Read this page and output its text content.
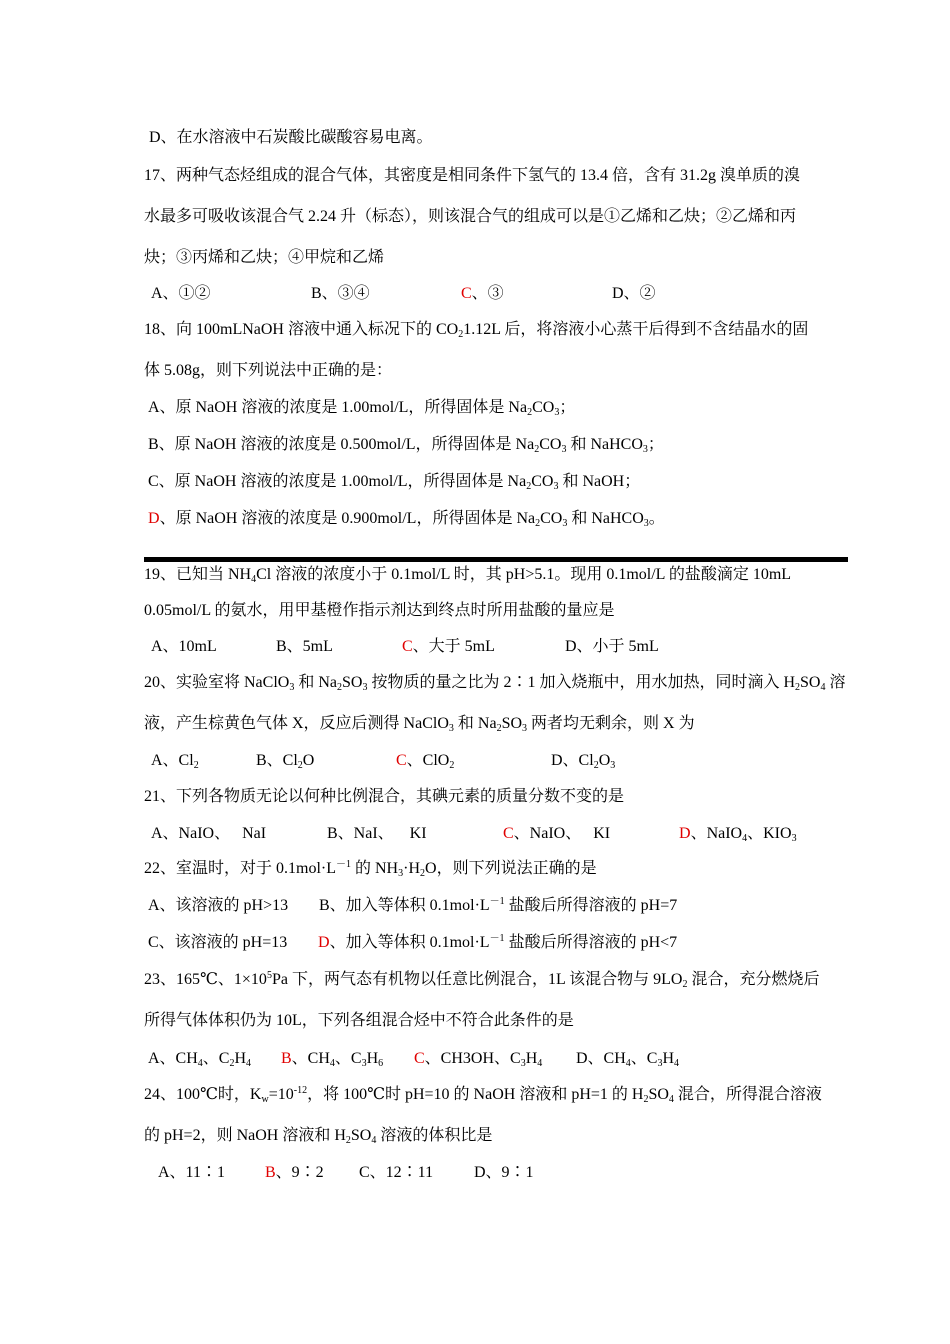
D、在水溶液中石炭酸比碳酸容易电离。
17、两种气态烃组成的混合气体，其密度是相同条件下氢气的 13.4 倍，含有 31.2g 溴单质的溴
水最多可吸收该混合气 2.24 升（标态），则该混合气的组成可以是①乙烯和乙炔；②乙烯和丙
炔；③丙烯和乙炔；④甲烷和乙烯
A、①②	B、③④	C、③	D、②
18、向 100mLNaOH 溶液中通入标况下的 $CO_21.12L$ 后，将溶液小心蒸干后得到不含结晶水的固
体 5.08g，则下列说法中正确的是：
A、原 NaOH 溶液的浓度是 1.00mol/L，所得固体是 $Na_2CO_3$；
B、原 NaOH 溶液的浓度是 0.500mol/L，所得固体是 $Na_2CO_3$ 和 NaHCO$_3$；
C、原 NaOH 溶液的浓度是 1.00mol/L，所得固体是 $Na_2CO_3$ 和 NaOH；
D、原 NaOH 溶液的浓度是 0.900mol/L，所得固体是 $Na_2CO_3$ 和 NaHCO$_3$。
19、已知当 $NH_4Cl$ 溶液的浓度小于 0.1mol/L 时，其 pH>5.1。现用 0.1mol/L 的盐酸滴定 10mL
0.05mol/L 的氨水，用甲基橙作指示剂达到终点时所用盐酸的量应是
A、10mL	B、5mL	C、大于 5mL	D、小于 5mL
20、实验室将 NaClO$_3$ 和 $Na_2SO_3$ 按物质的量之比为 2∶1 加入烧瓶中，用水加热，同时滴入 $H_2SO_4$ 溶
液，产生棕黄色气体 X，反应后测得 NaClO$_3$ 和 $Na_2SO_3$ 两者均无剩余，则 X 为
A、$Cl_2$	B、$Cl_2O$	C、ClO$_2$	D、$Cl_2O_3$
21、下列各物质无论以何种比例混合，其碘元素的质量分数不变的是
A、NaIO、   NaI	B、NaI、    KI	C、NaIO、   KI	D、NaIO$_4$、$KIO_3$
22、室温时，对于 $0.1mol\cdot L^{-1}$ 的 $NH_3\cdot H_2O$，则下列说法正确的是
A、该溶液的 pH>13 B、加入等体积 $0.1mol\cdot L^{-1}$ 盐酸后所得溶液的 pH=7
C、该溶液的 pH=13 D、加入等体积 $0.1mol\cdot L^{-1}$ 盐酸后所得溶液的 pH<7
23、165℃、$1\times 10^5Pa$ 下，两气态有机物以任意比例混合，1L 该混合物与 $9LO_2$ 混合，充分燃烧后
所得气体体积仍为 10L，下列各组混合烃中不符合此条件的是
A、$CH_4$、$C_2H_4$ B、$CH_4$、$C_3H_6$ C、CH3OH、$C_3H_4$ D、$CH_4$、$C_3H_4$
24、100℃时，$K_w=10^{-12}$，将 100℃时 pH=10 的 NaOH 溶液和 pH=1 的 $H_2SO_4$ 混合，所得混合溶液
的 pH=2，则 NaOH 溶液和 $H_2SO_4$ 溶液的体积比是
A、11∶1	B、9∶2 C、12∶11	D、9∶1
